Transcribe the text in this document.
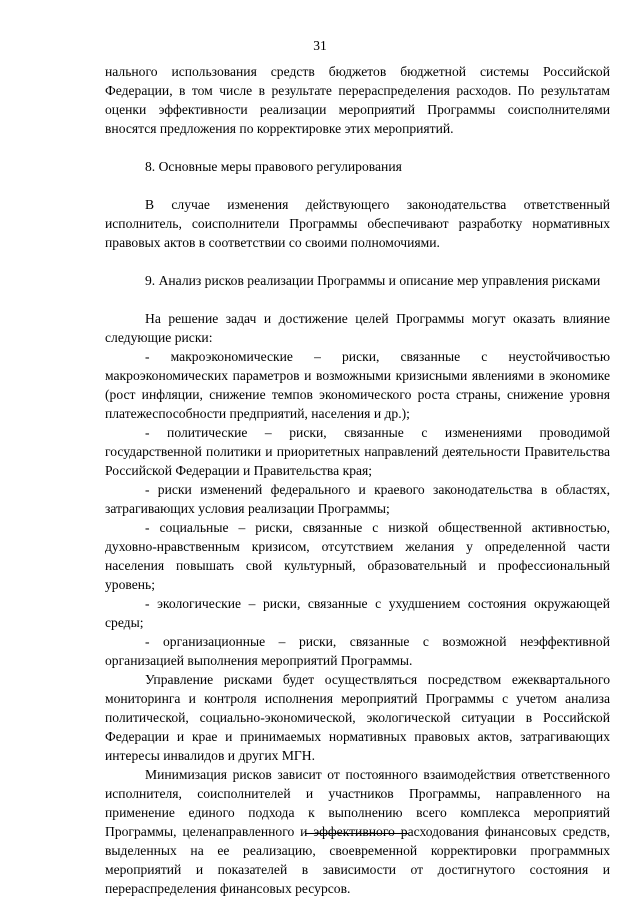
31

нального использования средств бюджетов бюджетной системы Российской Федерации, в том числе в результате перераспределения расходов. По результатам оценки эффективности реализации мероприятий Программы соисполнителями вносятся предложения по корректировке этих мероприятий.

8. Основные меры правового регулирования

В случае изменения действующего законодательства ответственный исполнитель, соисполнители Программы обеспечивают разработку нормативных правовых актов в соответствии со своими полномочиями.

9. Анализ рисков реализации Программы и описание мер управления рисками

На решение задач и достижение целей Программы могут оказать влияние следующие риски:

- макроэкономические – риски, связанные с неустойчивостью макроэкономических параметров и возможными кризисными явлениями в экономике (рост инфляции, снижение темпов экономического роста страны, снижение уровня платежеспособности предприятий, населения и др.);

- политические – риски, связанные с изменениями проводимой государственной политики и приоритетных направлений деятельности Правительства Российской Федерации и Правительства края;

- риски изменений федерального и краевого законодательства в областях, затрагивающих условия реализации Программы;

- социальные – риски, связанные с низкой общественной активностью, духовно-нравственным кризисом, отсутствием желания у определенной части населения повышать свой культурный, образовательный и профессиональный уровень;

- экологические – риски, связанные с ухудшением состояния окружающей среды;

- организационные – риски, связанные с возможной неэффективной организацией выполнения мероприятий Программы.

Управление рисками будет осуществляться посредством ежеквартального мониторинга и контроля исполнения мероприятий Программы с учетом анализа политической, социально-экономической, экологической ситуации в Российской Федерации и крае и принимаемых нормативных правовых актов, затрагивающих интересы инвалидов и других МГН.

Минимизация рисков зависит от постоянного взаимодействия ответственного исполнителя, соисполнителей и участников Программы, направленного на применение единого подхода к выполнению всего комплекса мероприятий Программы, целенаправленного и эффективного расходования финансовых средств, выделенных на ее реализацию, своевременной корректировки программных мероприятий и показателей в зависимости от достигнутого состояния и перераспределения финансовых ресурсов.
